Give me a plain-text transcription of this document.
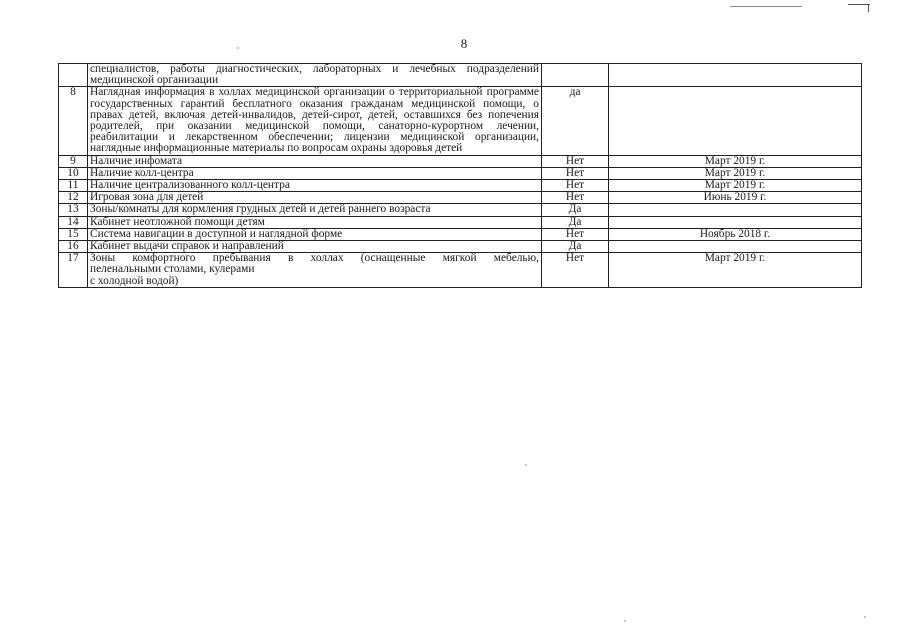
8
	специалистов, работы диагностических, лабораторных и лечебных подразделений медицинской организации		
8	Наглядная информация в холлах медицинской организации о территориальной программе государственных гарантий бесплатного оказания гражданам медицинской помощи, о правах детей, включая детей-инвалидов, детей-сирот, детей, оставшихся без попечения родителей, при оказании медицинской помощи, санаторно-курортном лечении, реабилитации и лекарственном обеспечении; лицензии медицинской организации, наглядные информационные материалы по вопросам охраны здоровья детей	да	
9	Наличие инфомата	Нет	Март 2019 г.
10	Наличие колл-центра	Нет	Март 2019 г.
11	Наличие централизованного колл-центра	Нет	Март 2019 г.
12	Игровая зона для детей	Нет	Июнь 2019 г.
13	Зоны/комнаты для кормления грудных детей и детей раннего возраста	Да	
14	Кабинет неотложной помощи детям	Да	
15	Система навигации в доступной и наглядной форме	Нет	Ноябрь 2018 г.
16	Кабинет выдачи справок и направлений	Да	
17	Зоны комфортного пребывания в холлах (оснащенные мягкой мебелью,
пеленальными столами, кулерами
с холодной водой)	Нет	Март 2019 г.
